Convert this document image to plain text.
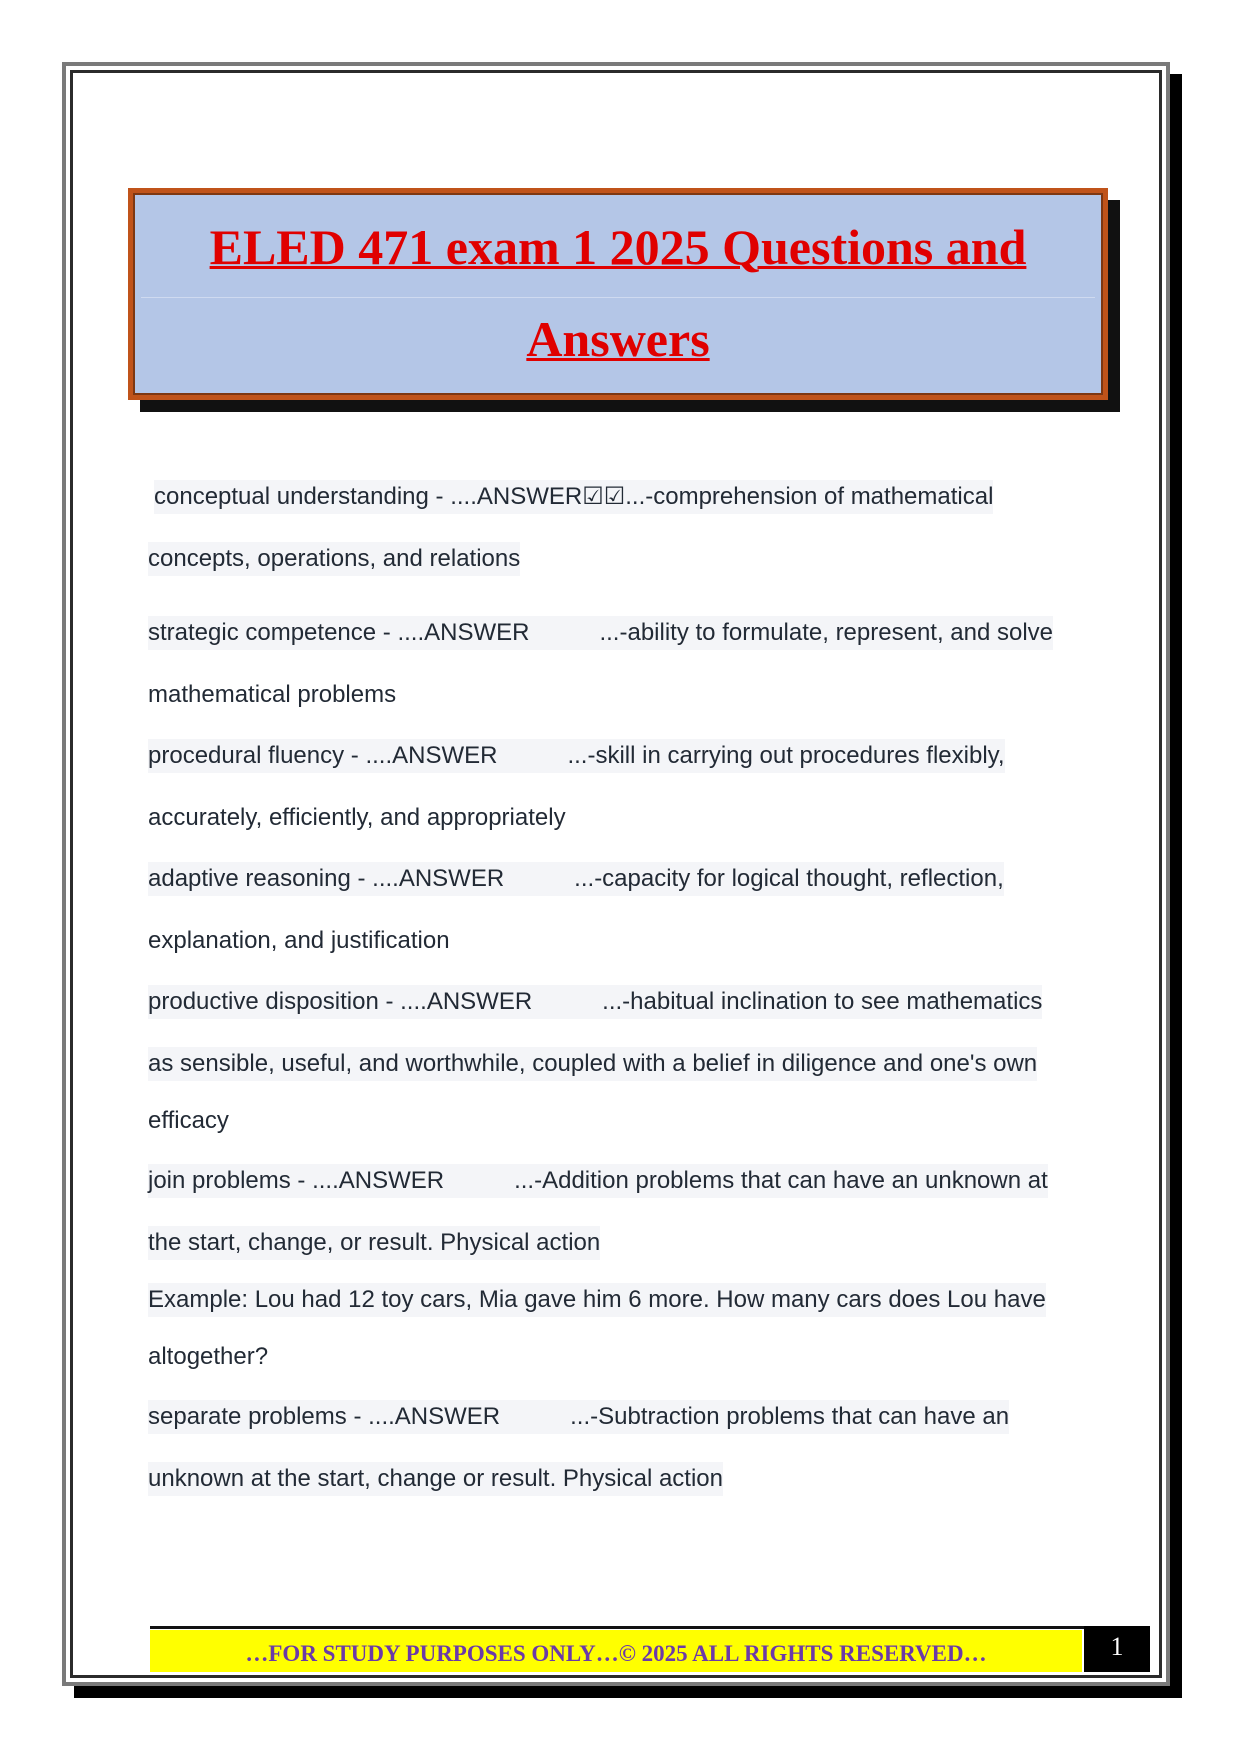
ELED 471 exam 1 2025 Questions and
Answers
conceptual understanding - ....ANSWER☑☑...-comprehension of mathematical
concepts, operations, and relations
strategic competence - ....ANSWER	...-ability to formulate, represent, and solve
mathematical problems
procedural fluency - ....ANSWER	...-skill in carrying out procedures flexibly,
accurately, efficiently, and appropriately
adaptive reasoning - ....ANSWER	...-capacity for logical thought, reflection,
explanation, and justification
productive disposition - ....ANSWER	...-habitual inclination to see mathematics
as sensible, useful, and worthwhile, coupled with a belief in diligence and one's own
efficacy
join problems - ....ANSWER	...-Addition problems that can have an unknown at
the start, change, or result. Physical action
Example: Lou had 12 toy cars, Mia gave him 6 more. How many cars does Lou have
altogether?
separate problems - ....ANSWER	...-Subtraction problems that can have an
unknown at the start, change or result. Physical action
…FOR STUDY PURPOSES ONLY…© 2025 ALL RIGHTS RESERVED…	1
